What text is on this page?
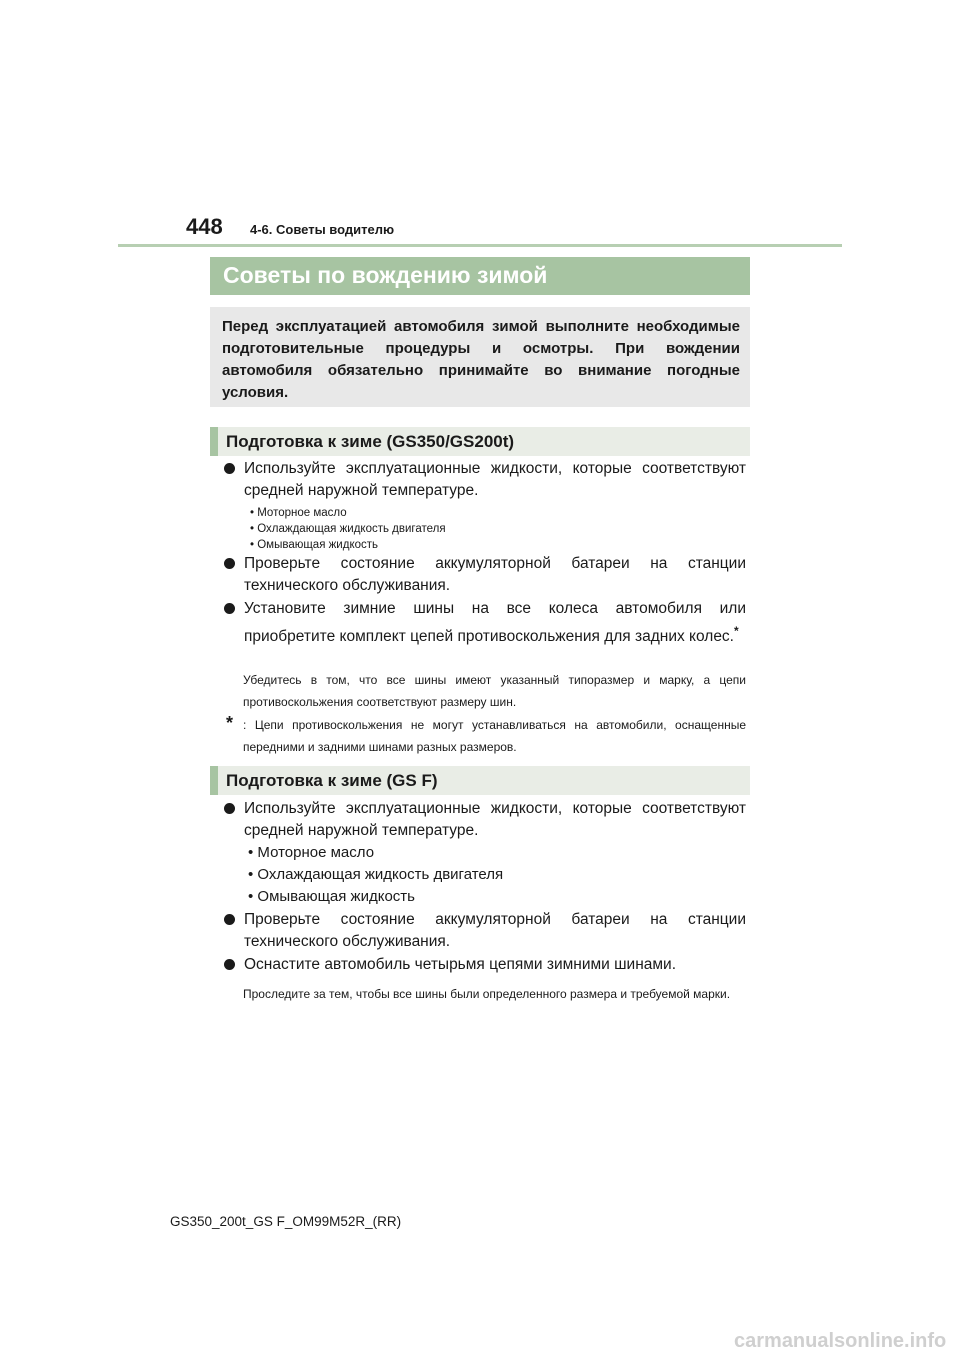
448 4-6. Советы водителю
Советы по вождению зимой
Перед эксплуатацией автомобиля зимой выполните необходимые подготовительные процедуры и осмотры. При вождении автомобиля обязательно принимайте во внимание погодные условия.
Подготовка к зиме (GS350/GS200t)
Используйте эксплуатационные жидкости, которые соответствуют средней наружной температуре.
• Моторное масло
• Охлаждающая жидкость двигателя
• Омывающая жидкость
Проверьте состояние аккумуляторной батареи на станции технического обслуживания.
Установите зимние шины на все колеса автомобиля или приобретите комплект цепей противоскольжения для задних колес.*
Убедитесь в том, что все шины имеют указанный типоразмер и марку, а цепи противоскольжения соответствуют размеру шин.
* : Цепи противоскольжения не могут устанавливаться на автомобили, оснащенные передними и задними шинами разных размеров.
Подготовка к зиме (GS F)
Используйте эксплуатационные жидкости, которые соответствуют средней наружной температуре.
• Моторное масло
• Охлаждающая жидкость двигателя
• Омывающая жидкость
Проверьте состояние аккумуляторной батареи на станции технического обслуживания.
Оснастите автомобиль четырьмя цепями зимними шинами.
Проследите за тем, чтобы все шины были определенного размера и требуемой марки.
GS350_200t_GS F_OM99M52R_(RR)
carmanualsonline.info
